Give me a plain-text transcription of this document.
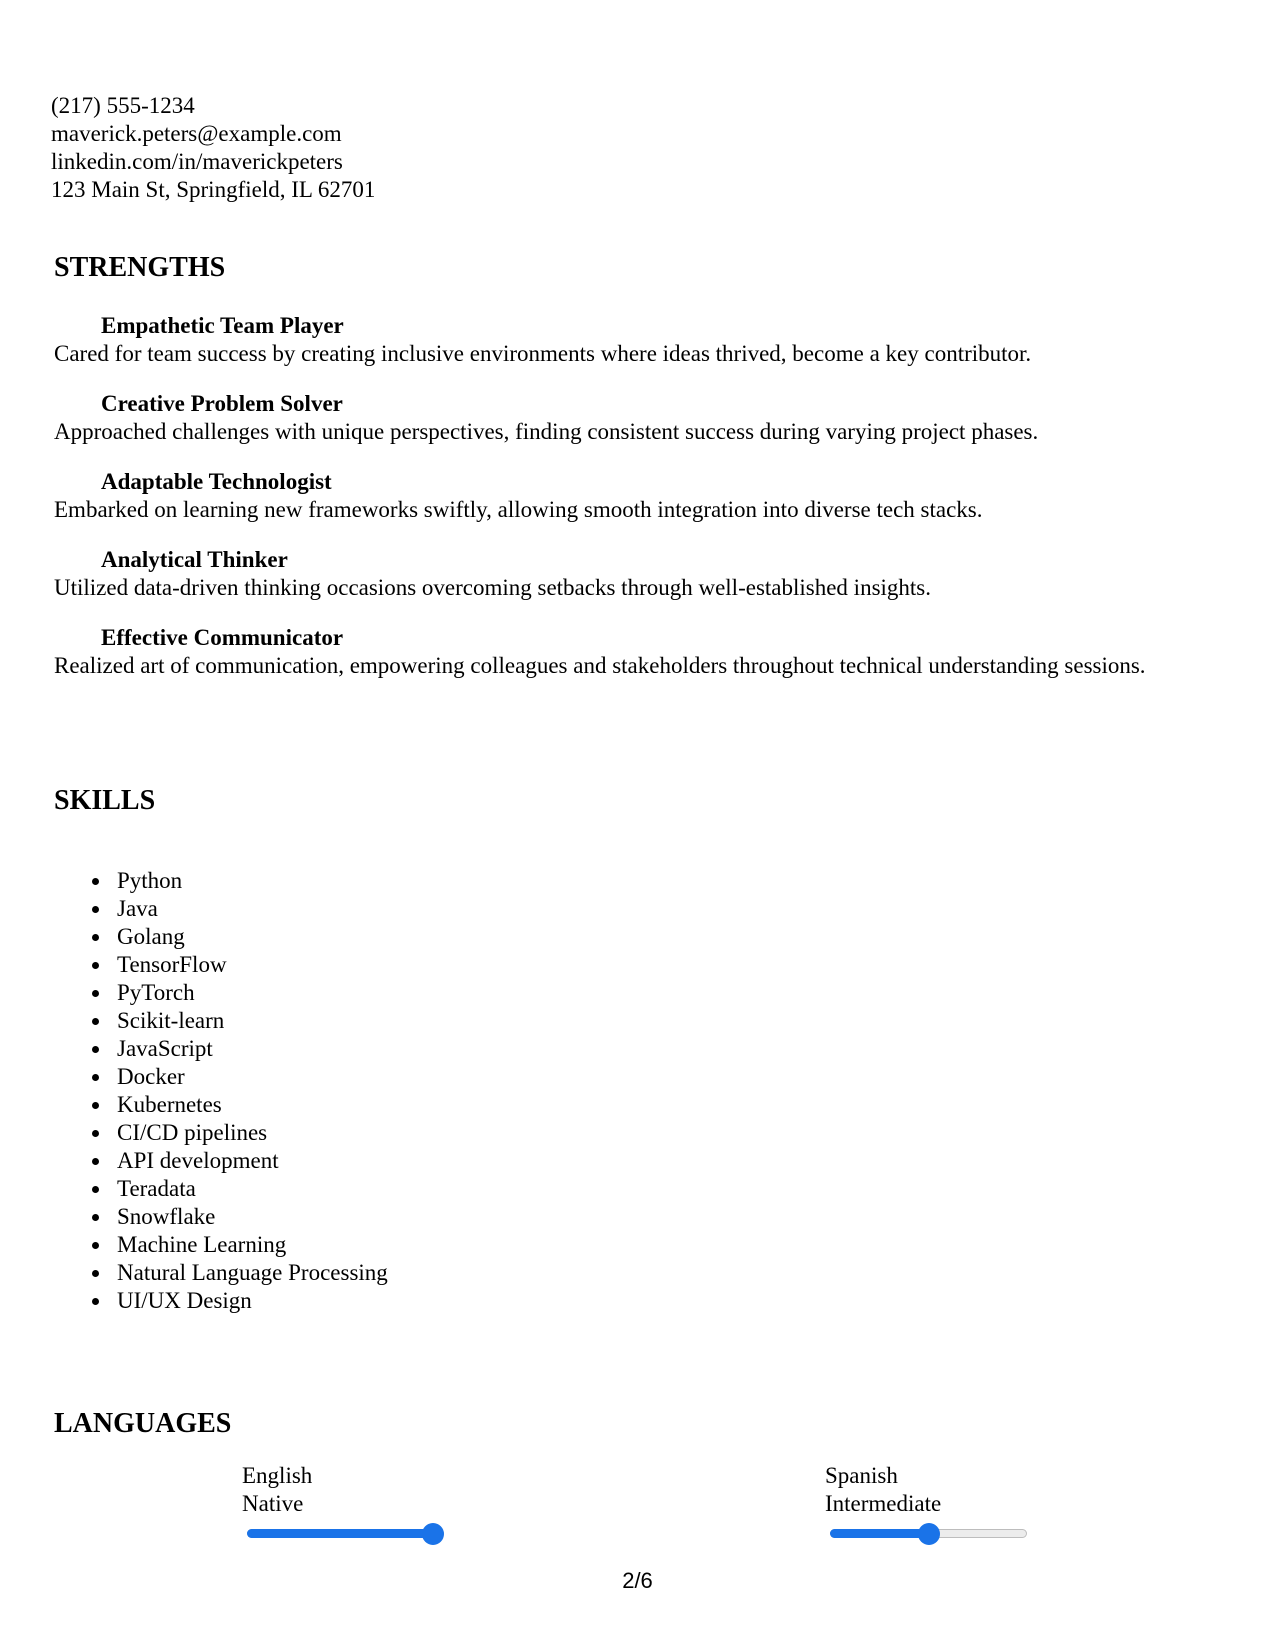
(217) 555-1234
maverick.peters@example.com
linkedin.com/in/maverickpeters
123 Main St, Springfield, IL 62701
STRENGTHS
Empathetic Team Player
Cared for team success by creating inclusive environments where ideas thrived, become a key contributor.
Creative Problem Solver
Approached challenges with unique perspectives, finding consistent success during varying project phases.
Adaptable Technologist
Embarked on learning new frameworks swiftly, allowing smooth integration into diverse tech stacks.
Analytical Thinker
Utilized data-driven thinking occasions overcoming setbacks through well-established insights.
Effective Communicator
Realized art of communication, empowering colleagues and stakeholders throughout technical understanding sessions.
SKILLS
Python
Java
Golang
TensorFlow
PyTorch
Scikit-learn
JavaScript
Docker
Kubernetes
CI/CD pipelines
API development
Teradata
Snowflake
Machine Learning
Natural Language Processing
UI/UX Design
LANGUAGES
English
Native
Spanish
Intermediate
2/6
